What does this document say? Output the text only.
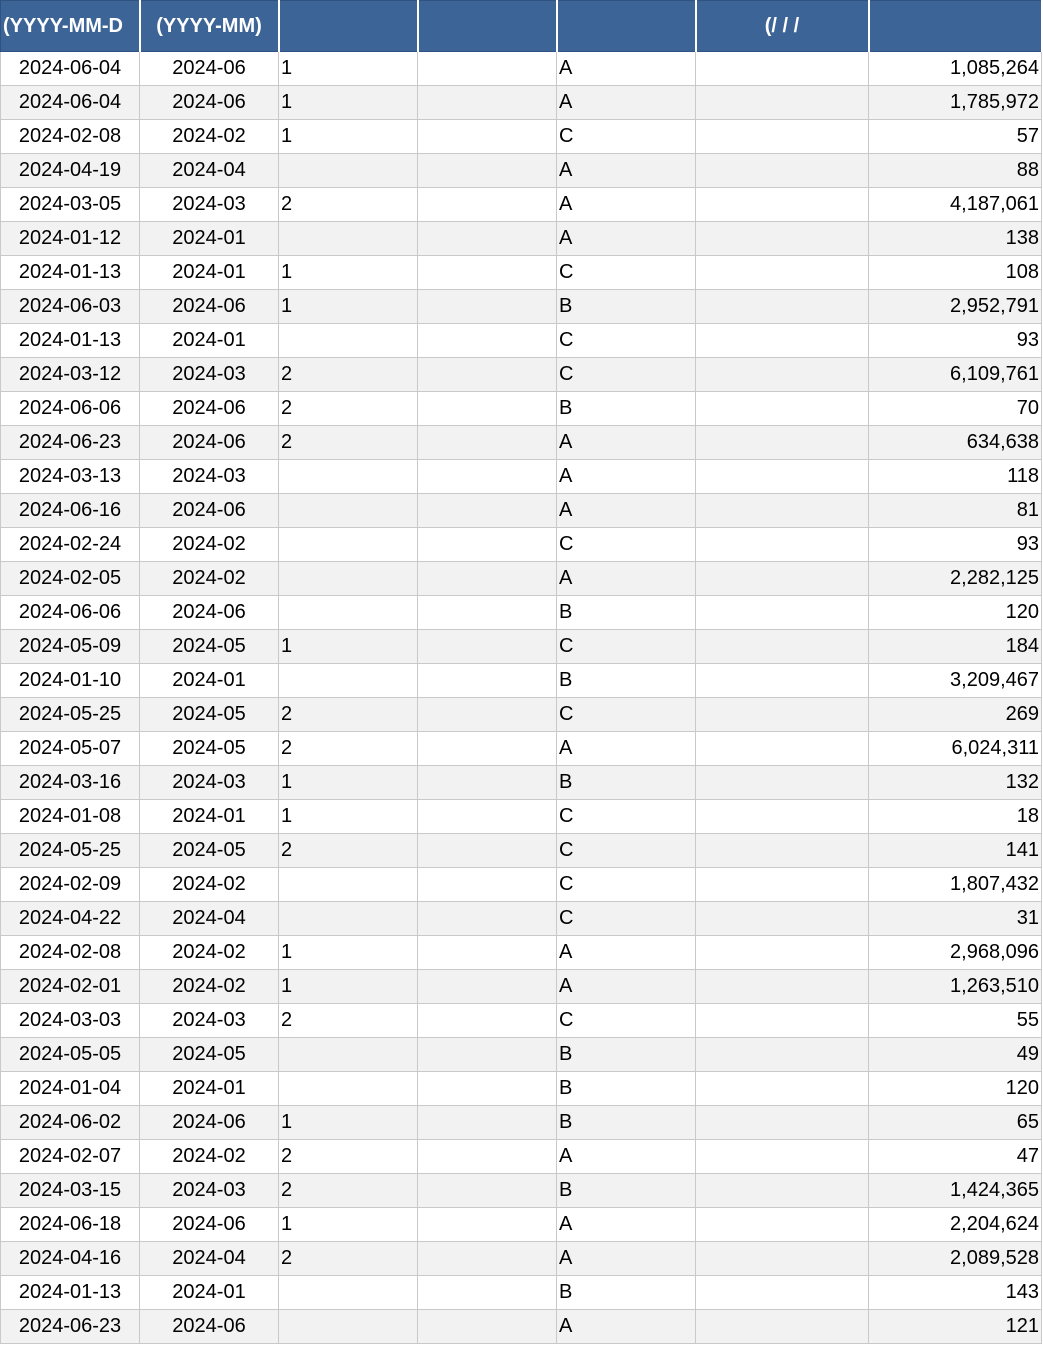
(YYYY-MM-D	(YYYY-MM)				(/ / /	
2024-06-04	2024-06	1		A		1,085,264
2024-06-04	2024-06	1		A		1,785,972
2024-02-08	2024-02	1		C		57
2024-04-19	2024-04			A		88
2024-03-05	2024-03	2		A		4,187,061
2024-01-12	2024-01			A		138
2024-01-13	2024-01	1		C		108
2024-06-03	2024-06	1		B		2,952,791
2024-01-13	2024-01			C		93
2024-03-12	2024-03	2		C		6,109,761
2024-06-06	2024-06	2		B		70
2024-06-23	2024-06	2		A		634,638
2024-03-13	2024-03			A		118
2024-06-16	2024-06			A		81
2024-02-24	2024-02			C		93
2024-02-05	2024-02			A		2,282,125
2024-06-06	2024-06			B		120
2024-05-09	2024-05	1		C		184
2024-01-10	2024-01			B		3,209,467
2024-05-25	2024-05	2		C		269
2024-05-07	2024-05	2		A		6,024,311
2024-03-16	2024-03	1		B		132
2024-01-08	2024-01	1		C		18
2024-05-25	2024-05	2		C		141
2024-02-09	2024-02			C		1,807,432
2024-04-22	2024-04			C		31
2024-02-08	2024-02	1		A		2,968,096
2024-02-01	2024-02	1		A		1,263,510
2024-03-03	2024-03	2		C		55
2024-05-05	2024-05			B		49
2024-01-04	2024-01			B		120
2024-06-02	2024-06	1		B		65
2024-02-07	2024-02	2		A		47
2024-03-15	2024-03	2		B		1,424,365
2024-06-18	2024-06	1		A		2,204,624
2024-04-16	2024-04	2		A		2,089,528
2024-01-13	2024-01			B		143
2024-06-23	2024-06			A		121
